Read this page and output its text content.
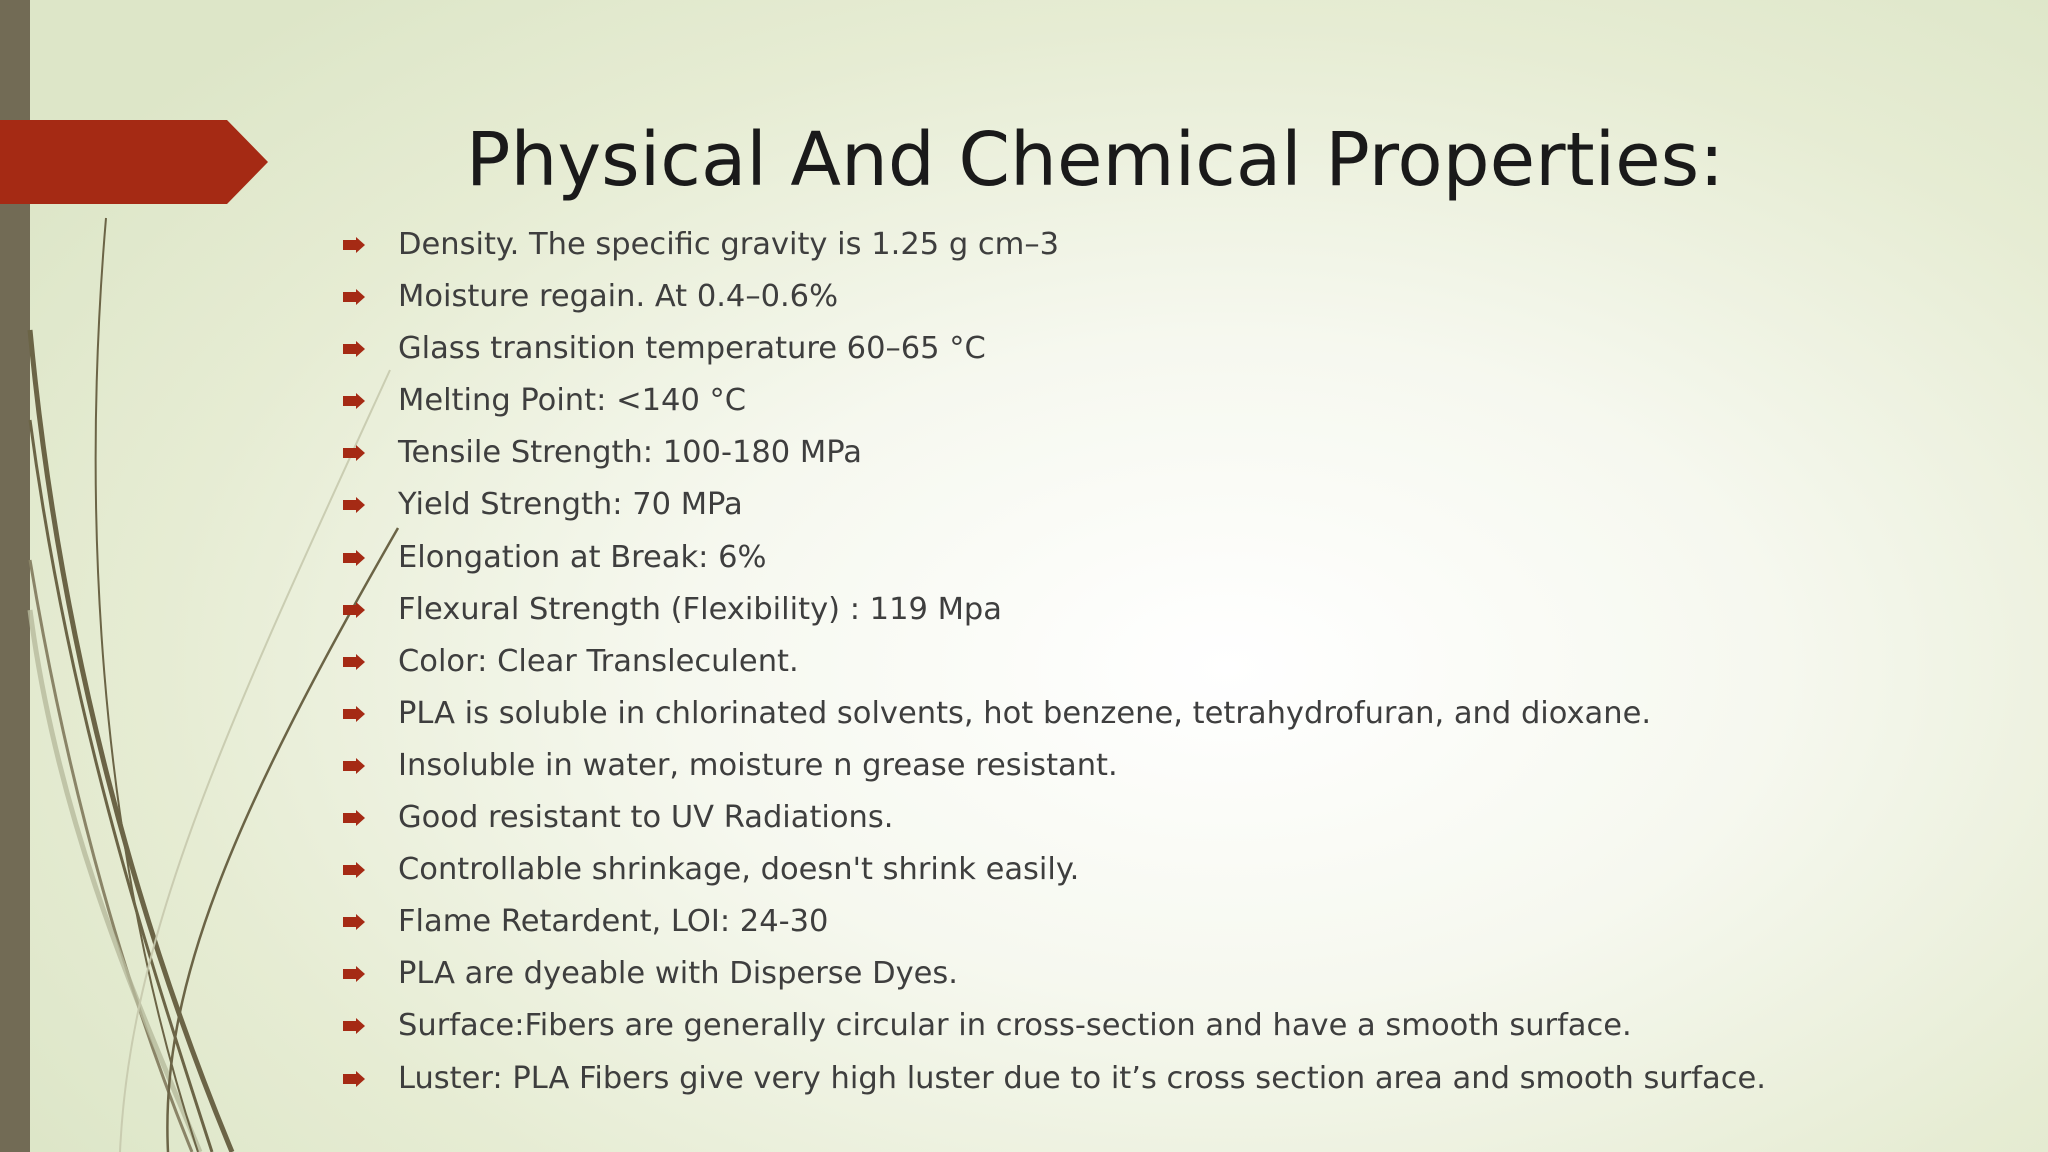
Physical And Chemical Properties:
Density. The specific gravity is 1.25 g cm–3
Moisture regain. At 0.4–0.6%
Glass transition temperature 60–65 °C
Melting Point: <140 °C
Tensile Strength: 100-180 MPa
Yield Strength: 70 MPa
Elongation at Break: 6%
Flexural Strength (Flexibility) : 119 Mpa
Color: Clear Transleculent.
PLA is soluble in chlorinated solvents, hot benzene, tetrahydrofuran, and dioxane.
Insoluble in water, moisture n grease resistant.
Good resistant to UV Radiations.
Controllable shrinkage, doesn't shrink easily.
Flame Retardent, LOI: 24-30
PLA are dyeable with Disperse Dyes.
Surface:Fibers are generally circular in cross-section and have a smooth surface.
Luster: PLA Fibers give very high luster due to it’s cross section area and smooth surface.
